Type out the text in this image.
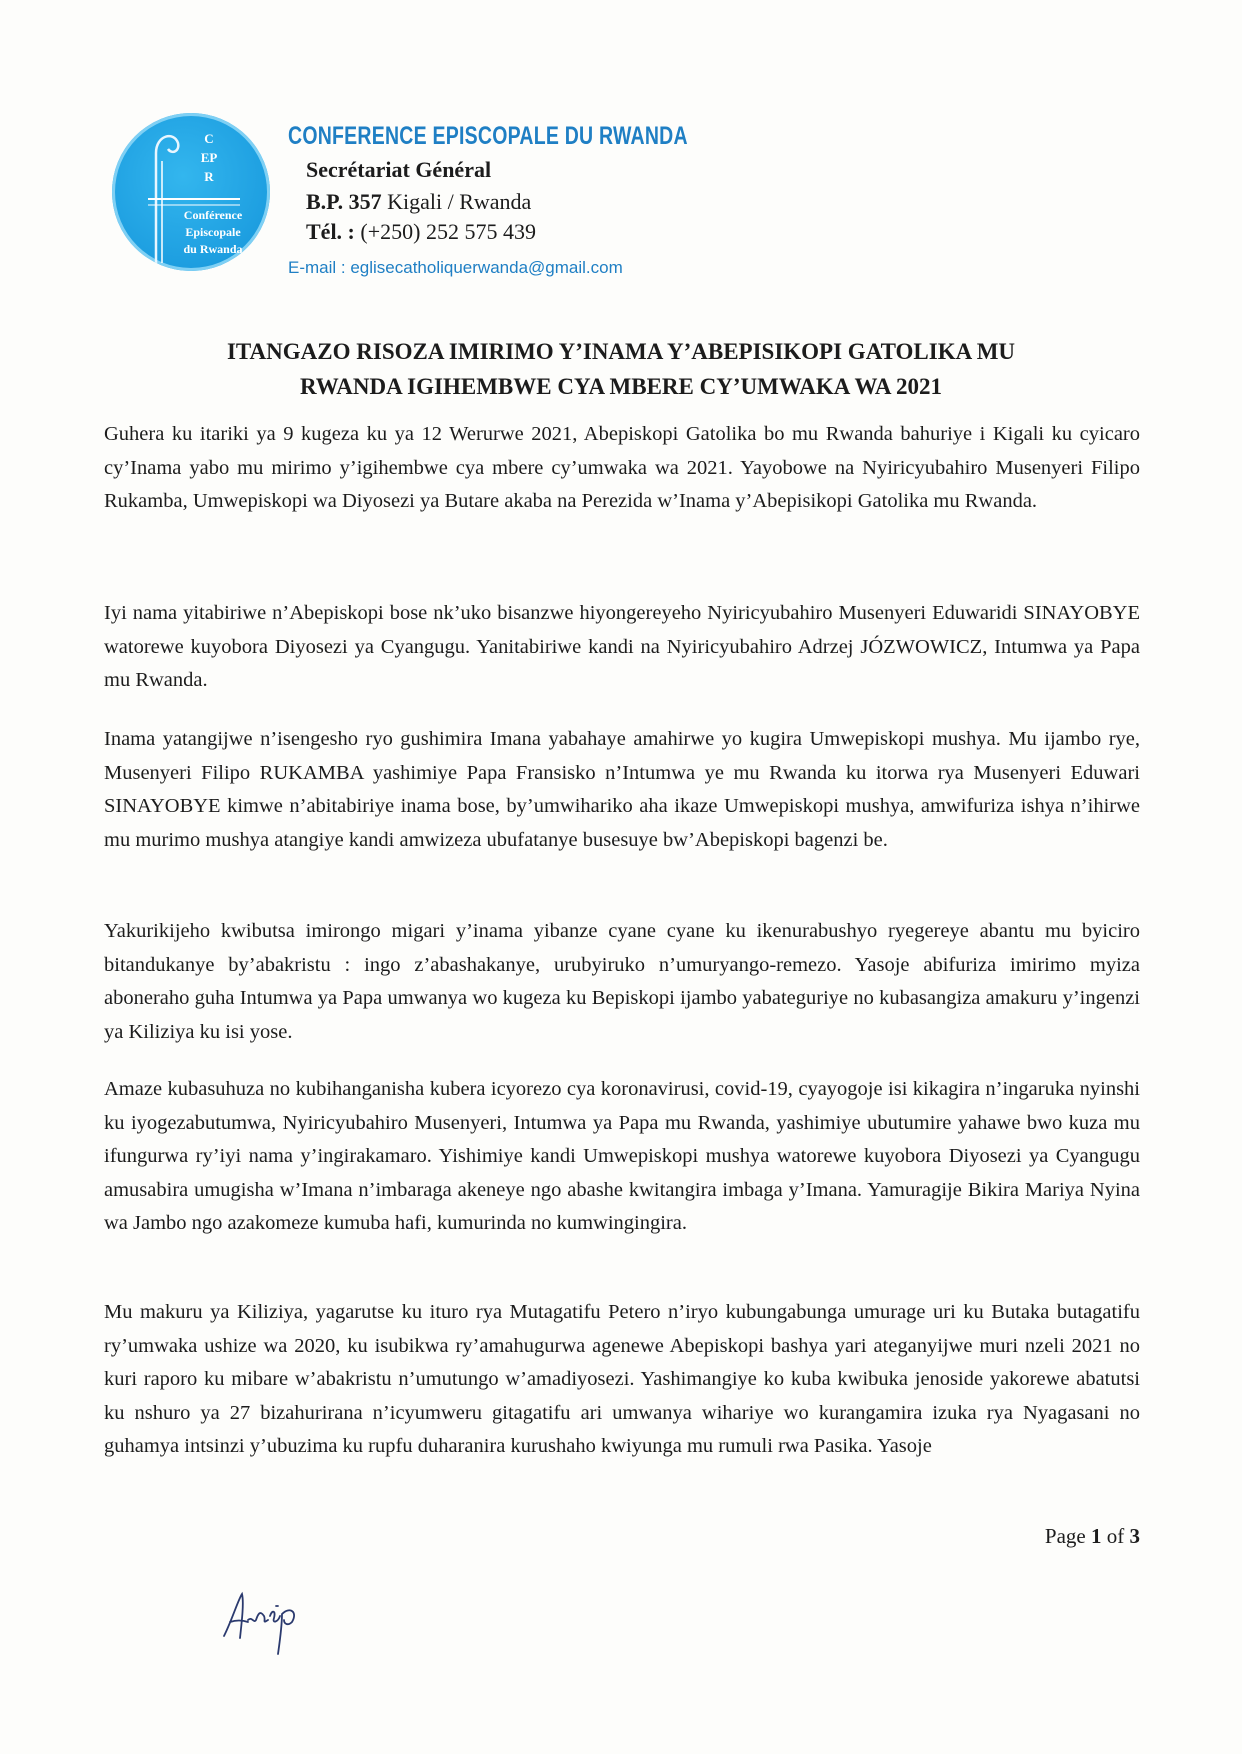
C
EP
R
Conférence
Episcopale
du Rwanda
CONFERENCE EPISCOPALE DU RWANDA
Secrétariat Général
B.P. 357 Kigali / Rwanda
Tél. : (+250) 252 575 439
E-mail : eglisecatholiquerwanda@gmail.com
ITANGAZO RISOZA IMIRIMO Y’INAMA Y’ABEPISIKOPI GATOLIKA MU
RWANDA IGIHEMBWE CYA MBERE CY’UMWAKA WA 2021

Guhera ku itariki ya 9 kugeza ku ya 12 Werurwe 2021, Abepiskopi Gatolika bo mu Rwanda bahuriye i Kigali ku cyicaro cy’Inama yabo mu mirimo y’igihembwe cya mbere cy’umwaka wa 2021. Yayobowe na Nyiricyubahiro Musenyeri Filipo Rukamba, Umwepiskopi wa Diyosezi ya Butare akaba na Perezida w’Inama y’Abepisikopi Gatolika mu Rwanda.

Iyi nama yitabiriwe n’Abepiskopi bose nk’uko bisanzwe hiyongereyeho Nyiricyubahiro Musenyeri Eduwaridi SINAYOBYE watorewe kuyobora Diyosezi ya Cyangugu. Yanitabiriwe kandi na Nyiricyubahiro Adrzej JÓZWOWICZ, Intumwa ya Papa mu Rwanda.

Inama yatangijwe n’isengesho ryo gushimira Imana yabahaye amahirwe yo kugira Umwepiskopi mushya. Mu ijambo rye, Musenyeri Filipo RUKAMBA yashimiye Papa Fransisko n’Intumwa ye mu Rwanda ku itorwa rya Musenyeri Eduwari SINAYOBYE kimwe n’abitabiriye inama bose, by’umwihariko aha ikaze Umwepiskopi mushya, amwifuriza ishya n’ihirwe mu murimo mushya atangiye kandi amwizeza ubufatanye busesuye bw’Abepiskopi bagenzi be.

Yakurikijeho kwibutsa imirongo migari y’inama yibanze cyane cyane ku ikenurabushyo ryegereye abantu mu byiciro bitandukanye by’abakristu : ingo z’abashakanye, urubyiruko n’umuryango-remezo. Yasoje abifuriza imirimo myiza aboneraho guha Intumwa ya Papa umwanya wo kugeza ku Bepiskopi ijambo yabateguriye no kubasangiza amakuru y’ingenzi ya Kiliziya ku isi yose.

Amaze kubasuhuza no kubihanganisha kubera icyorezo cya koronavirusi, covid-19, cyayogoje isi kikagira n’ingaruka nyinshi ku iyogezabutumwa, Nyiricyubahiro Musenyeri, Intumwa ya Papa mu Rwanda, yashimiye ubutumire yahawe bwo kuza mu ifungurwa ry’iyi nama y’ingirakamaro. Yishimiye kandi Umwepiskopi mushya watorewe kuyobora Diyosezi ya Cyangugu amusabira umugisha w’Imana n’imbaraga akeneye ngo abashe kwitangira imbaga y’Imana. Yamuragije Bikira Mariya Nyina wa Jambo ngo azakomeze kumuba hafi, kumurinda no kumwingingira.

Mu makuru ya Kiliziya, yagarutse ku ituro rya Mutagatifu Petero n’iryo kubungabunga umurage uri ku Butaka butagatifu ry’umwaka ushize wa 2020, ku isubikwa ry’amahugurwa agenewe Abepiskopi bashya yari ateganyijwe muri nzeli 2021 no kuri raporo ku mibare w’abakristu n’umutungo w’amadiyosezi. Yashimangiye ko kuba kwibuka jenoside yakorewe abatutsi ku nshuro ya 27 bizahurirana n’icyumweru gitagatifu ari umwanya wihariye wo kurangamira izuka rya Nyagasani no guhamya intsinzi y’ubuzima ku rupfu duharanira kurushaho kwiyunga mu rumuli rwa Pasika. Yasoje

Page 1 of 3
